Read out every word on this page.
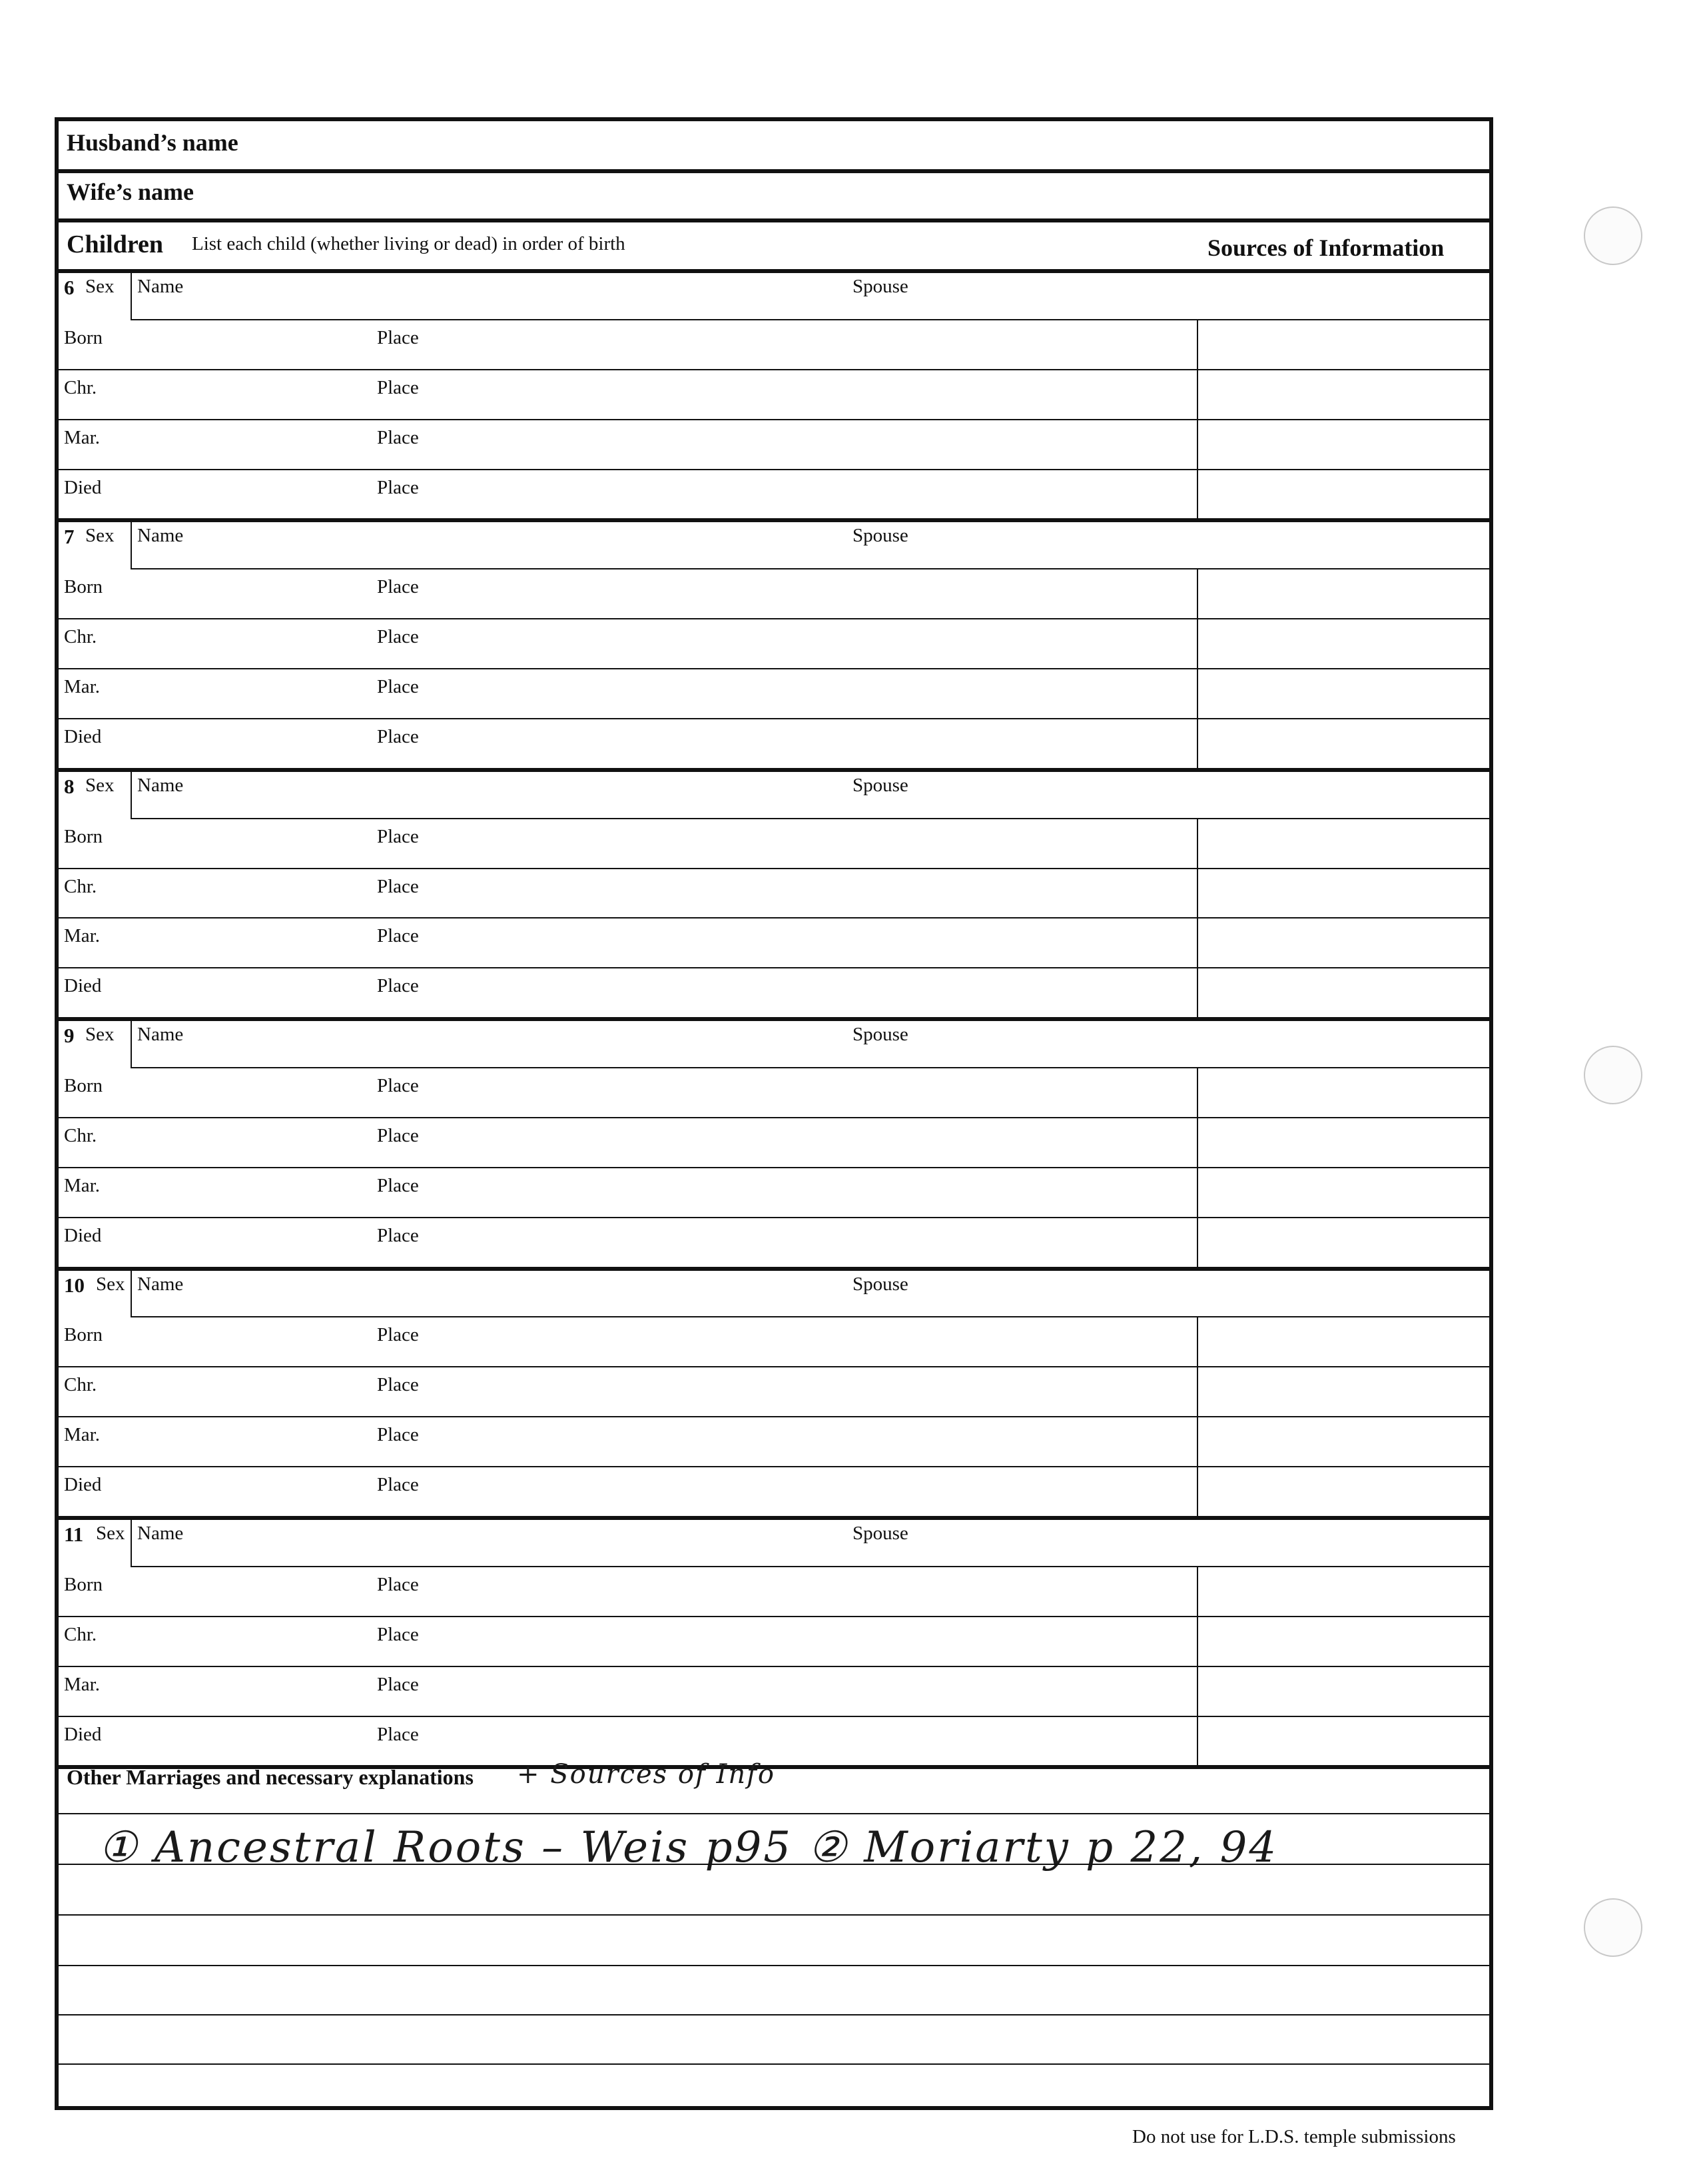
Husband’s name
Wife’s name
Children List each child (whether living or dead) in order of birth	Sources of Information
6 Sex Name	Spouse
Born	Place
Chr.	Place
Mar.	Place
Died	Place
7 Sex Name	Spouse
Born	Place
Chr.	Place
Mar.	Place
Died	Place
8 Sex Name	Spouse
Born	Place
Chr.	Place
Mar.	Place
Died	Place
9 Sex Name	Spouse
Born	Place
Chr.	Place
Mar.	Place
Died	Place
10 Sex Name	Spouse
Born	Place
Chr.	Place
Mar.	Place
Died	Place
11 Sex Name	Spouse
Born	Place
Chr.	Place
Mar.	Place
Died	Place
Other Marriages and necessary explanations + Sources of Info
① Ancestral Roots – Weis p95 ② Moriarty p 22, 94
Do not use for L.D.S. temple submissions
